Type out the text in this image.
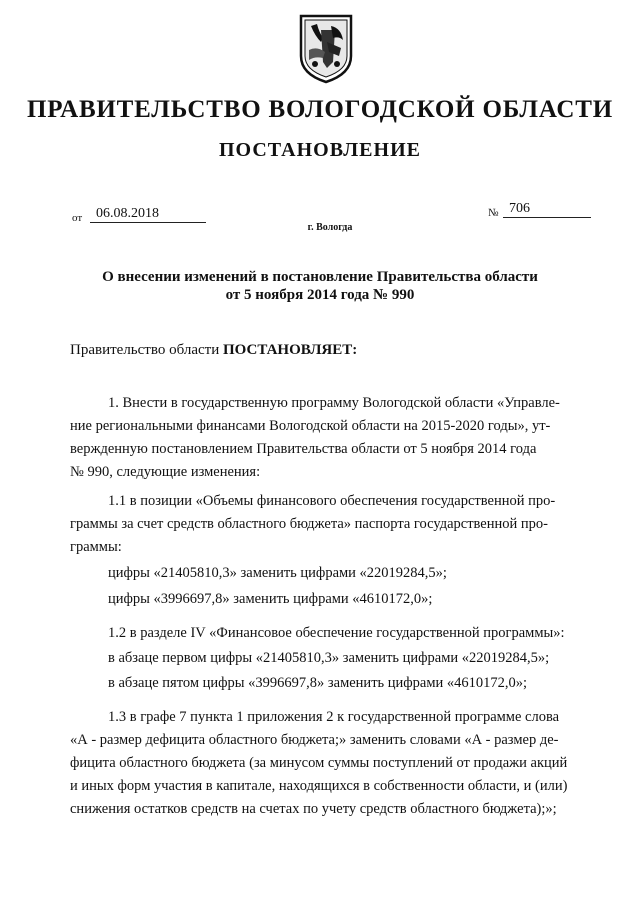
ПРАВИТЕЛЬСТВО ВОЛОГОДСКОЙ ОБЛАСТИ
ПОСТАНОВЛЕНИЕ
от 06.08.2018	№ 706
г. Вологда
О внесении изменений в постановление Правительства области
от 5 ноября 2014 года № 990
Правительство области ПОСТАНОВЛЯЕТ:
1. Внести в государственную программу Вологодской области «Управле-
ние региональными финансами Вологодской области на 2015-2020 годы», ут-
вержденную постановлением Правительства области от 5 ноября 2014 года
№ 990, следующие изменения:
1.1 в позиции «Объемы финансового обеспечения государственной про-
граммы за счет средств областного бюджета» паспорта государственной про-
граммы:
цифры «21405810,3» заменить цифрами «22019284,5»;
цифры «3996697,8» заменить цифрами «4610172,0»;
1.2 в разделе IV «Финансовое обеспечение государственной программы»:
в абзаце первом цифры «21405810,3» заменить цифрами «22019284,5»;
в абзаце пятом цифры «3996697,8» заменить цифрами «4610172,0»;
1.3 в графе 7 пункта 1 приложения 2 к государственной программе слова
«А - размер дефицита областного бюджета;» заменить словами «А - размер де-
фицита областного бюджета (за минусом суммы поступлений от продажи акций
и иных форм участия в капитале, находящихся в собственности области, и (или)
снижения остатков средств на счетах по учету средств областного бюджета);»;
